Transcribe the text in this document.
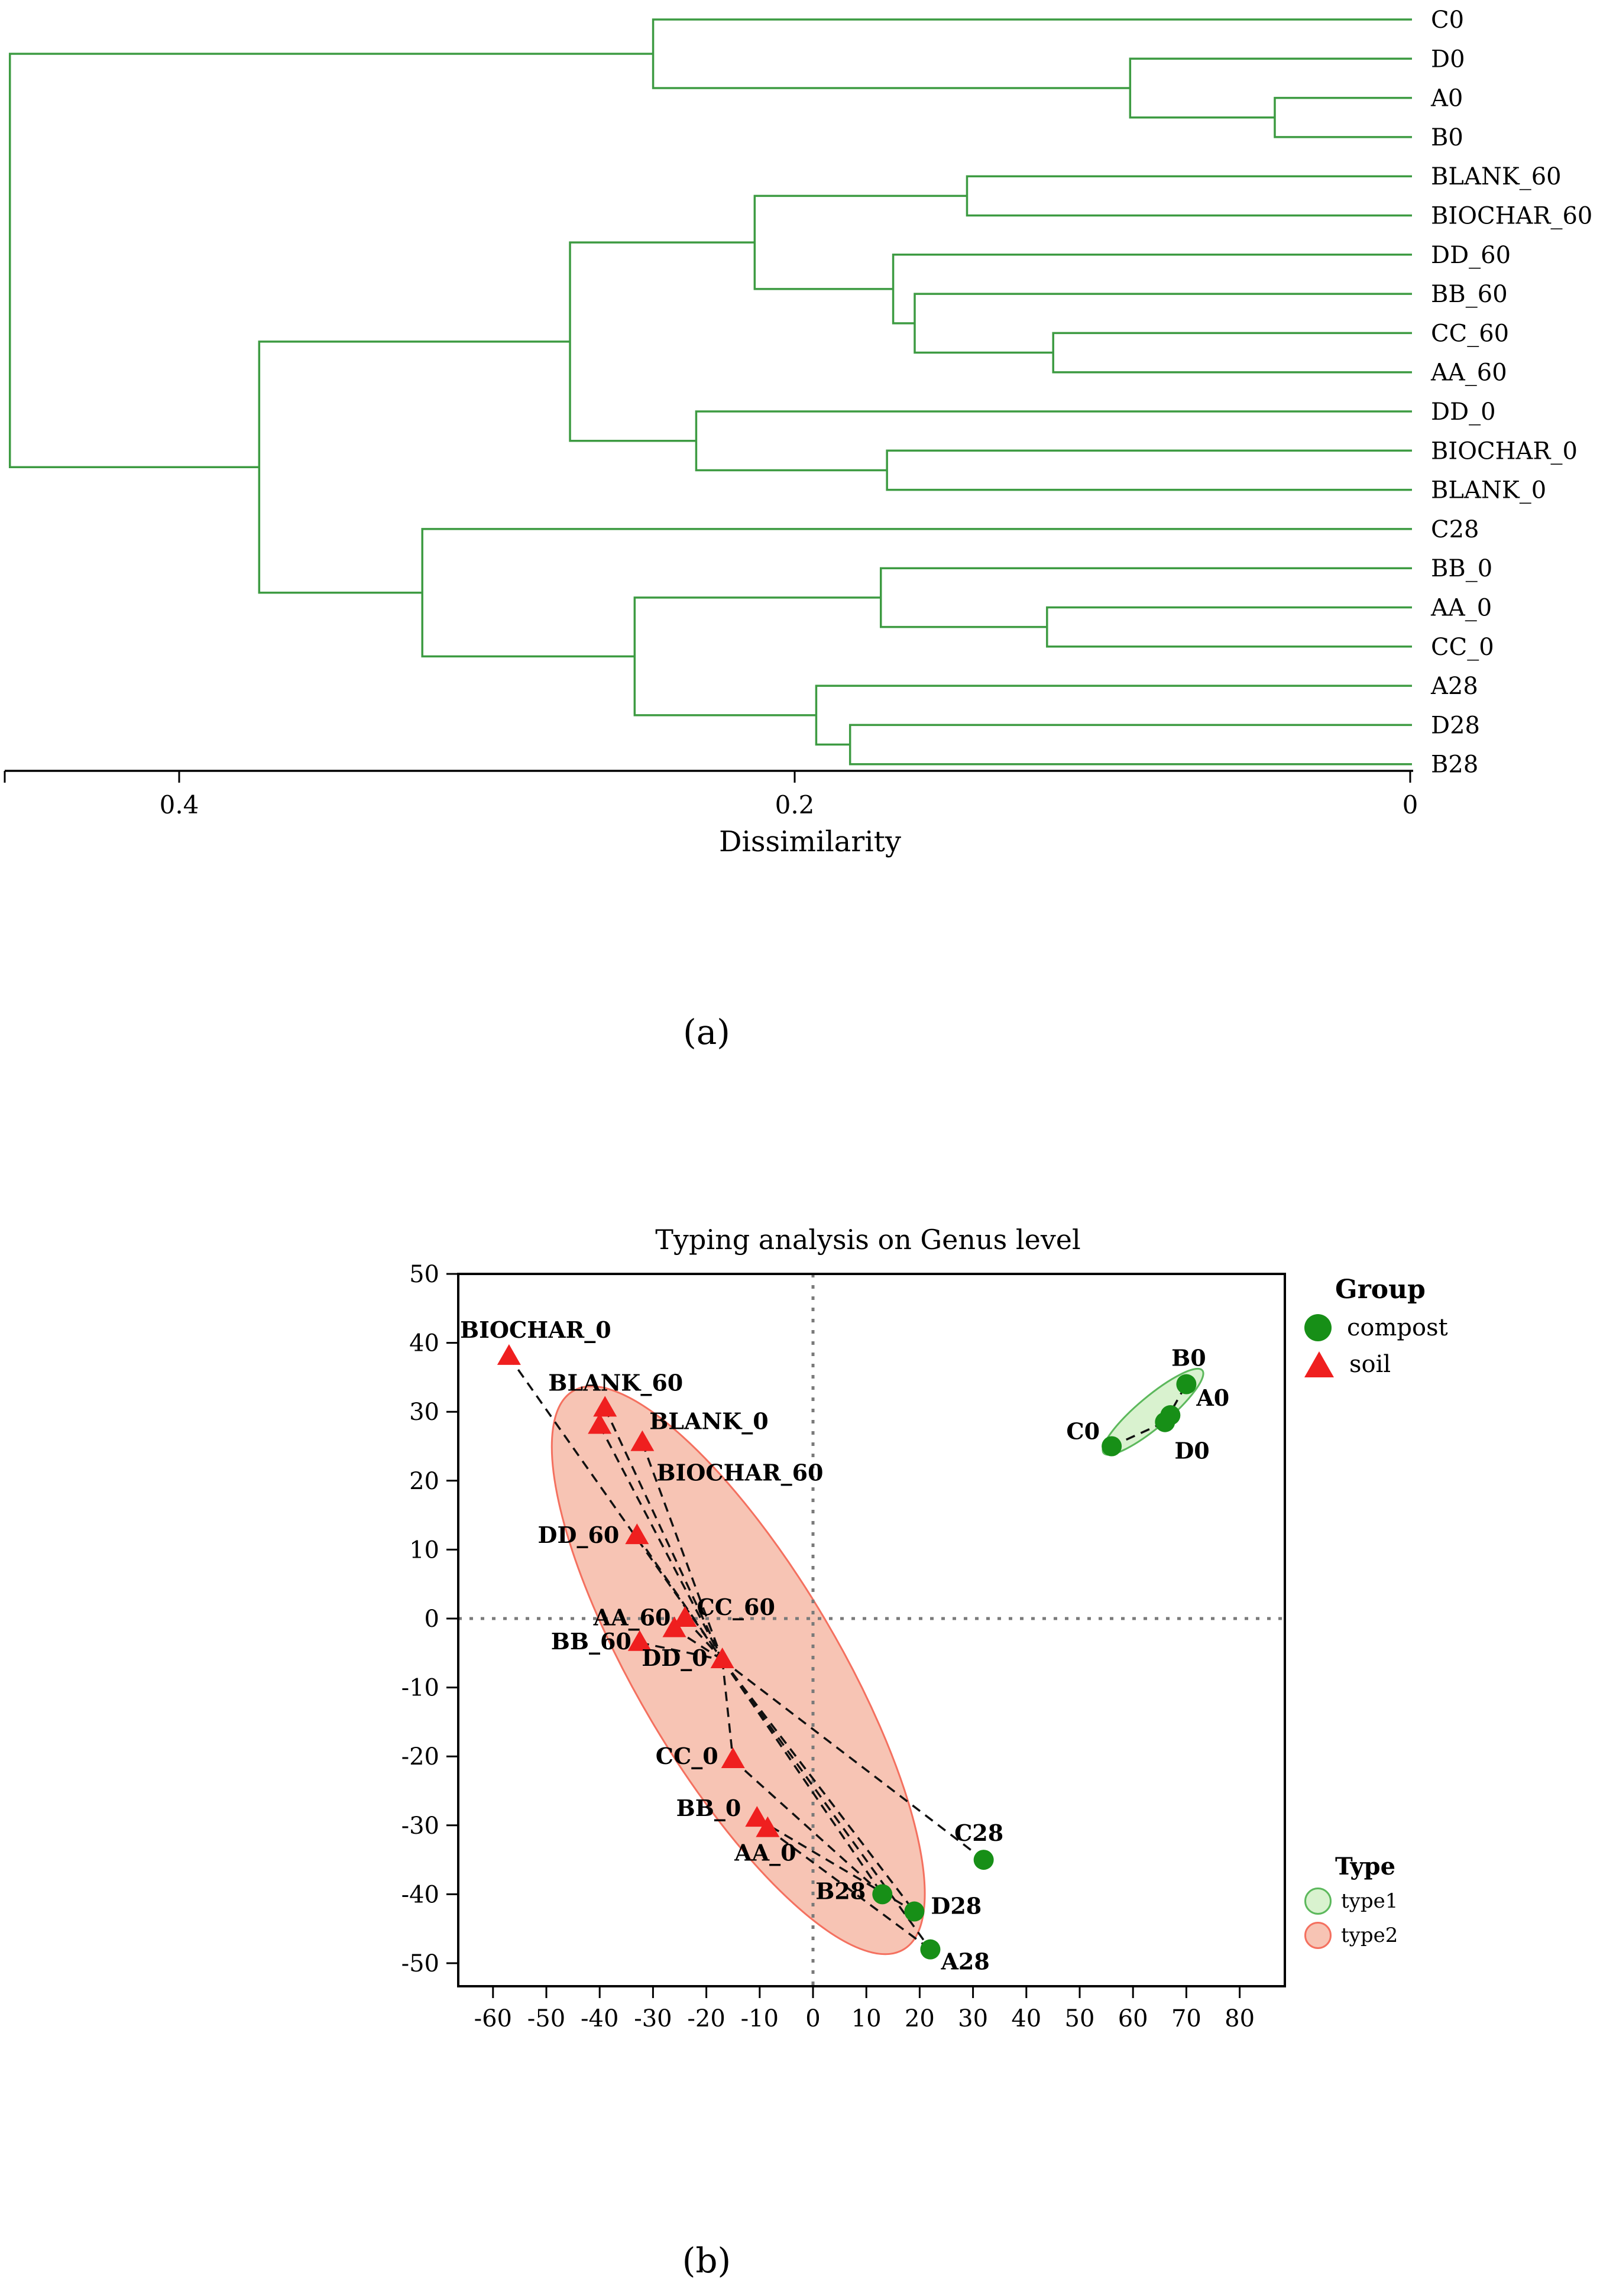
C0
D0
A0
B0
BLANK_60
BIOCHAR_60
DD_60
BB_60
CC_60
AA_60
DD_0
BIOCHAR_0
BLANK_0
C28
BB_0
AA_0
CC_0
A28
D28
B28
0.4	0.2	0
Dissimilarity
(a)
Typing analysis on Genus level
-60 -50 -40 -30 -20 -10 0 10 20 30 40 50 60 70 80
50
40
30
20
10
0
-10
-20
-30
-40
-50
B0
A0
D0
C0
C28
B28
D28
A28
BIOCHAR_0
BLANK_60
BLANK_0
BIOCHAR_60
DD_60
BB_60
AA_60 CC_60
DD_0
CC_0
BB_0
AA_0
Group
compost
soil
Type
type1
type2
(b)
